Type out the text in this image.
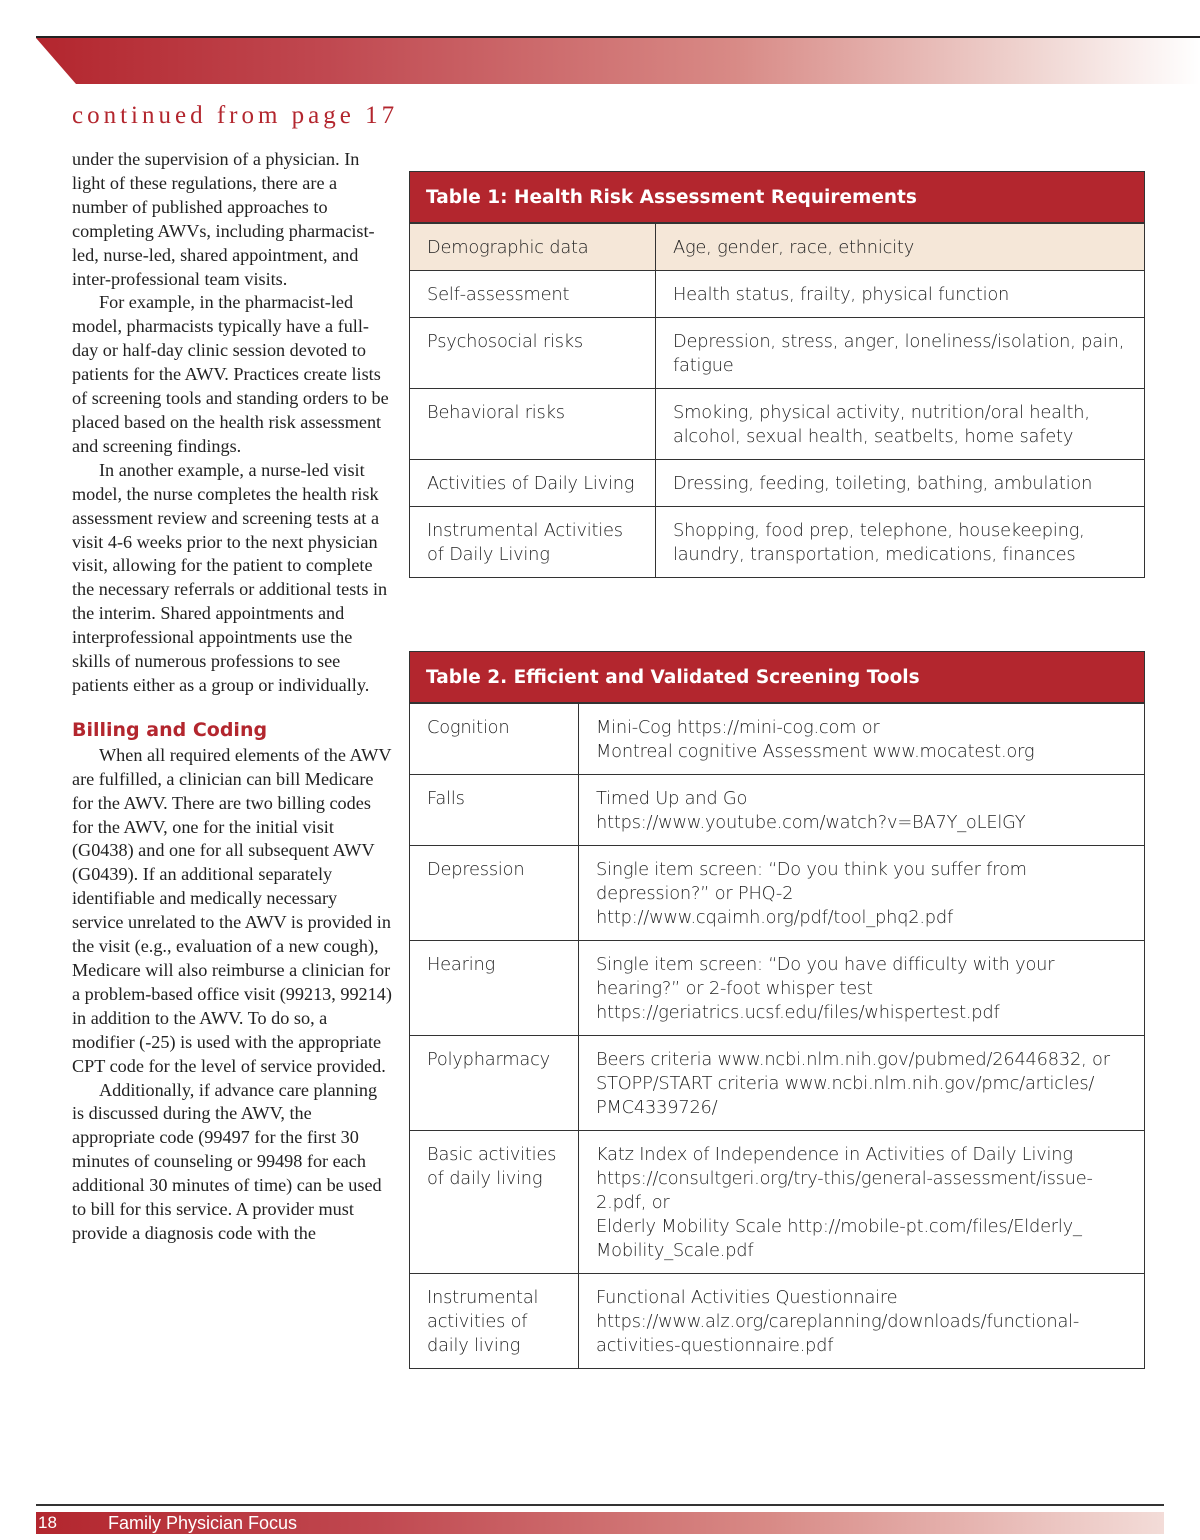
continued from page 17

under the supervision of a physician. In light of these regulations, there are a number of published approaches to completing AWVs, including pharmacist-led, nurse-led, shared appointment, and inter-professional team visits.

For example, in the pharmacist-led model, pharmacists typically have a full-day or half-day clinic session devoted to patients for the AWV. Practices create lists of screening tools and standing orders to be placed based on the health risk assessment and screening findings.

In another example, a nurse-led visit model, the nurse completes the health risk assessment review and screening tests at a visit 4-6 weeks prior to the next physician visit, allowing for the patient to complete the necessary referrals or additional tests in the interim. Shared appointments and interprofessional appointments use the skills of numerous professions to see patients either as a group or individually.

Billing and Coding

When all required elements of the AWV are fulfilled, a clinician can bill Medicare for the AWV. There are two billing codes for the AWV, one for the initial visit (G0438) and one for all subsequent AWV (G0439). If an additional separately identifiable and medically necessary service unrelated to the AWV is provided in the visit (e.g., evaluation of a new cough), Medicare will also reimburse a clinician for a problem-based office visit (99213, 99214) in addition to the AWV. To do so, a modifier (-25) is used with the appropriate CPT code for the level of service provided.

Additionally, if advance care planning is discussed during the AWV, the appropriate code (99497 for the first 30 minutes of counseling or 99498 for each additional 30 minutes of time) can be used to bill for this service. A provider must provide a diagnosis code with the

Table 1: Health Risk Assessment Requirements	
Demographic data	Age, gender, race, ethnicity
Self-assessment	Health status, frailty, physical function
Psychosocial risks	Depression, stress, anger, loneliness/isolation, pain, fatigue
Behavioral risks	Smoking, physical activity, nutrition/oral health, alcohol, sexual health, seatbelts, home safety
Activities of Daily Living	Dressing, feeding, toileting, bathing, ambulation
Instrumental Activities of Daily Living	Shopping, food prep, telephone, housekeeping, laundry, transportation, medications, finances
Table 2. Efficient and Validated Screening Tools	
Cognition	Mini-Cog https://mini-cog.com or
Montreal cognitive Assessment www.mocatest.org

Falls	Timed Up and Go
https://www.youtube.com/watch?v=BA7Y_oLElGY

Depression	Single item screen: “Do you think you suffer from depression?” or PHQ-2
http://www.cqaimh.org/pdf/tool_phq2.pdf

Hearing	Single item screen: “Do you have difficulty with your hearing?” or 2-foot whisper test
https://geriatrics.ucsf.edu/files/whispertest.pdf

Polypharmacy	Beers criteria www.ncbi.nlm.nih.gov/pubmed/26446832, or
STOPP/START criteria www.ncbi.nlm.nih.gov/pmc/articles/ PMC4339726/

Basic activities of daily living	Katz Index of Independence in Activities of Daily Living
https://consultgeri.org/try-this/general-assessment/issue-2.pdf, or
Elderly Mobility Scale http://mobile-pt.com/files/Elderly_ Mobility_Scale.pdf

Instrumental activities of daily living	Functional Activities Questionnaire
https://www.alz.org/careplanning/downloads/functional-activities-questionnaire.pdf
18	Family Physician Focus
